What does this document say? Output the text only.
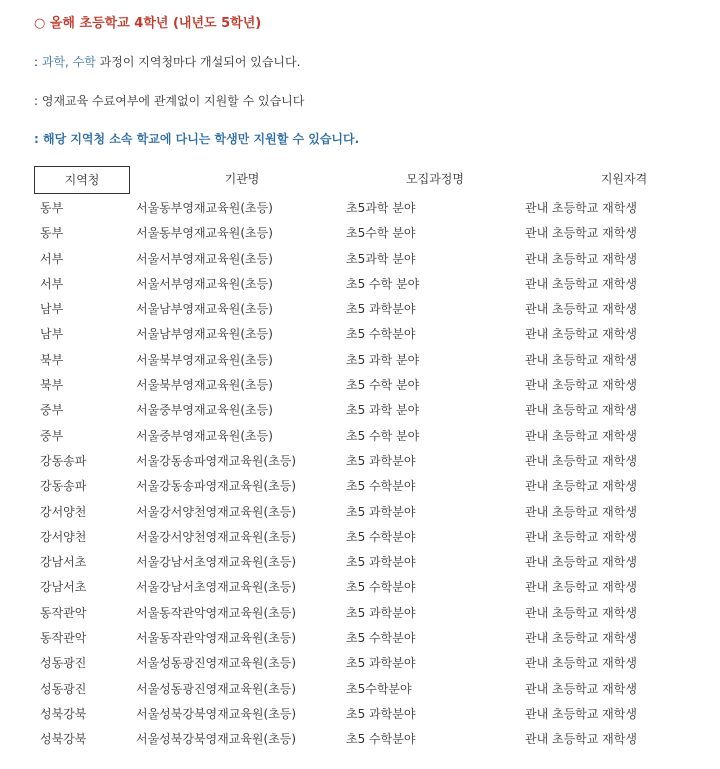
○ 올해 초등학교 4학년 (내년도 5학년)
: 과학, 수학 과정이 지역청마다 개설되어 있습니다.
: 영재교육 수료여부에 관계없이 지원할 수 있습니다
: 해당 지역청 소속 학교에 다니는 학생만 지원할 수 있습니다.
지역청	기관명	모집과정명	지원자격
동부	서울동부영재교육원(초등)	초5과학 분야	관내 초등학교 재학생
동부	서울동부영재교육원(초등)	초5수학 분야	관내 초등학교 재학생
서부	서울서부영재교육원(초등)	초5과학 분야	관내 초등학교 재학생
서부	서울서부영재교육원(초등)	초5 수학 분야	관내 초등학교 재학생
남부	서울남부영재교육원(초등)	초5 과학분야	관내 초등학교 재학생
남부	서울남부영재교육원(초등)	초5 수학분야	관내 초등학교 재학생
북부	서울북부영재교육원(초등)	초5 과학 분야	관내 초등학교 재학생
북부	서울북부영재교육원(초등)	초5 수학 분야	관내 초등학교 재학생
중부	서울중부영재교육원(초등)	초5 과학 분야	관내 초등학교 재학생
중부	서울중부영재교육원(초등)	초5 수학 분야	관내 초등학교 재학생
강동송파	서울강동송파영재교육원(초등)	초5 과학분야	관내 초등학교 재학생
강동송파	서울강동송파영재교육원(초등)	초5 수학분야	관내 초등학교 재학생
강서양천	서울강서양천영재교육원(초등)	초5 과학분야	관내 초등학교 재학생
강서양천	서울강서양천영재교육원(초등)	초5 수학분야	관내 초등학교 재학생
강남서초	서울강남서초영재교육원(초등)	초5 과학분야	관내 초등학교 재학생
강남서초	서울강남서초영재교육원(초등)	초5 수학분야	관내 초등학교 재학생
동작관악	서울동작관악영재교육원(초등)	초5 과학분야	관내 초등학교 재학생
동작관악	서울동작관악영재교육원(초등)	초5 수학분야	관내 초등학교 재학생
성동광진	서울성동광진영재교육원(초등)	초5 과학분야	관내 초등학교 재학생
성동광진	서울성동광진영재교육원(초등)	초5수학분야	관내 초등학교 재학생
성북강북	서울성북강북영재교육원(초등)	초5 과학분야	관내 초등학교 재학생
성북강북	서울성북강북영재교육원(초등)	초5 수학분야	관내 초등학교 재학생
